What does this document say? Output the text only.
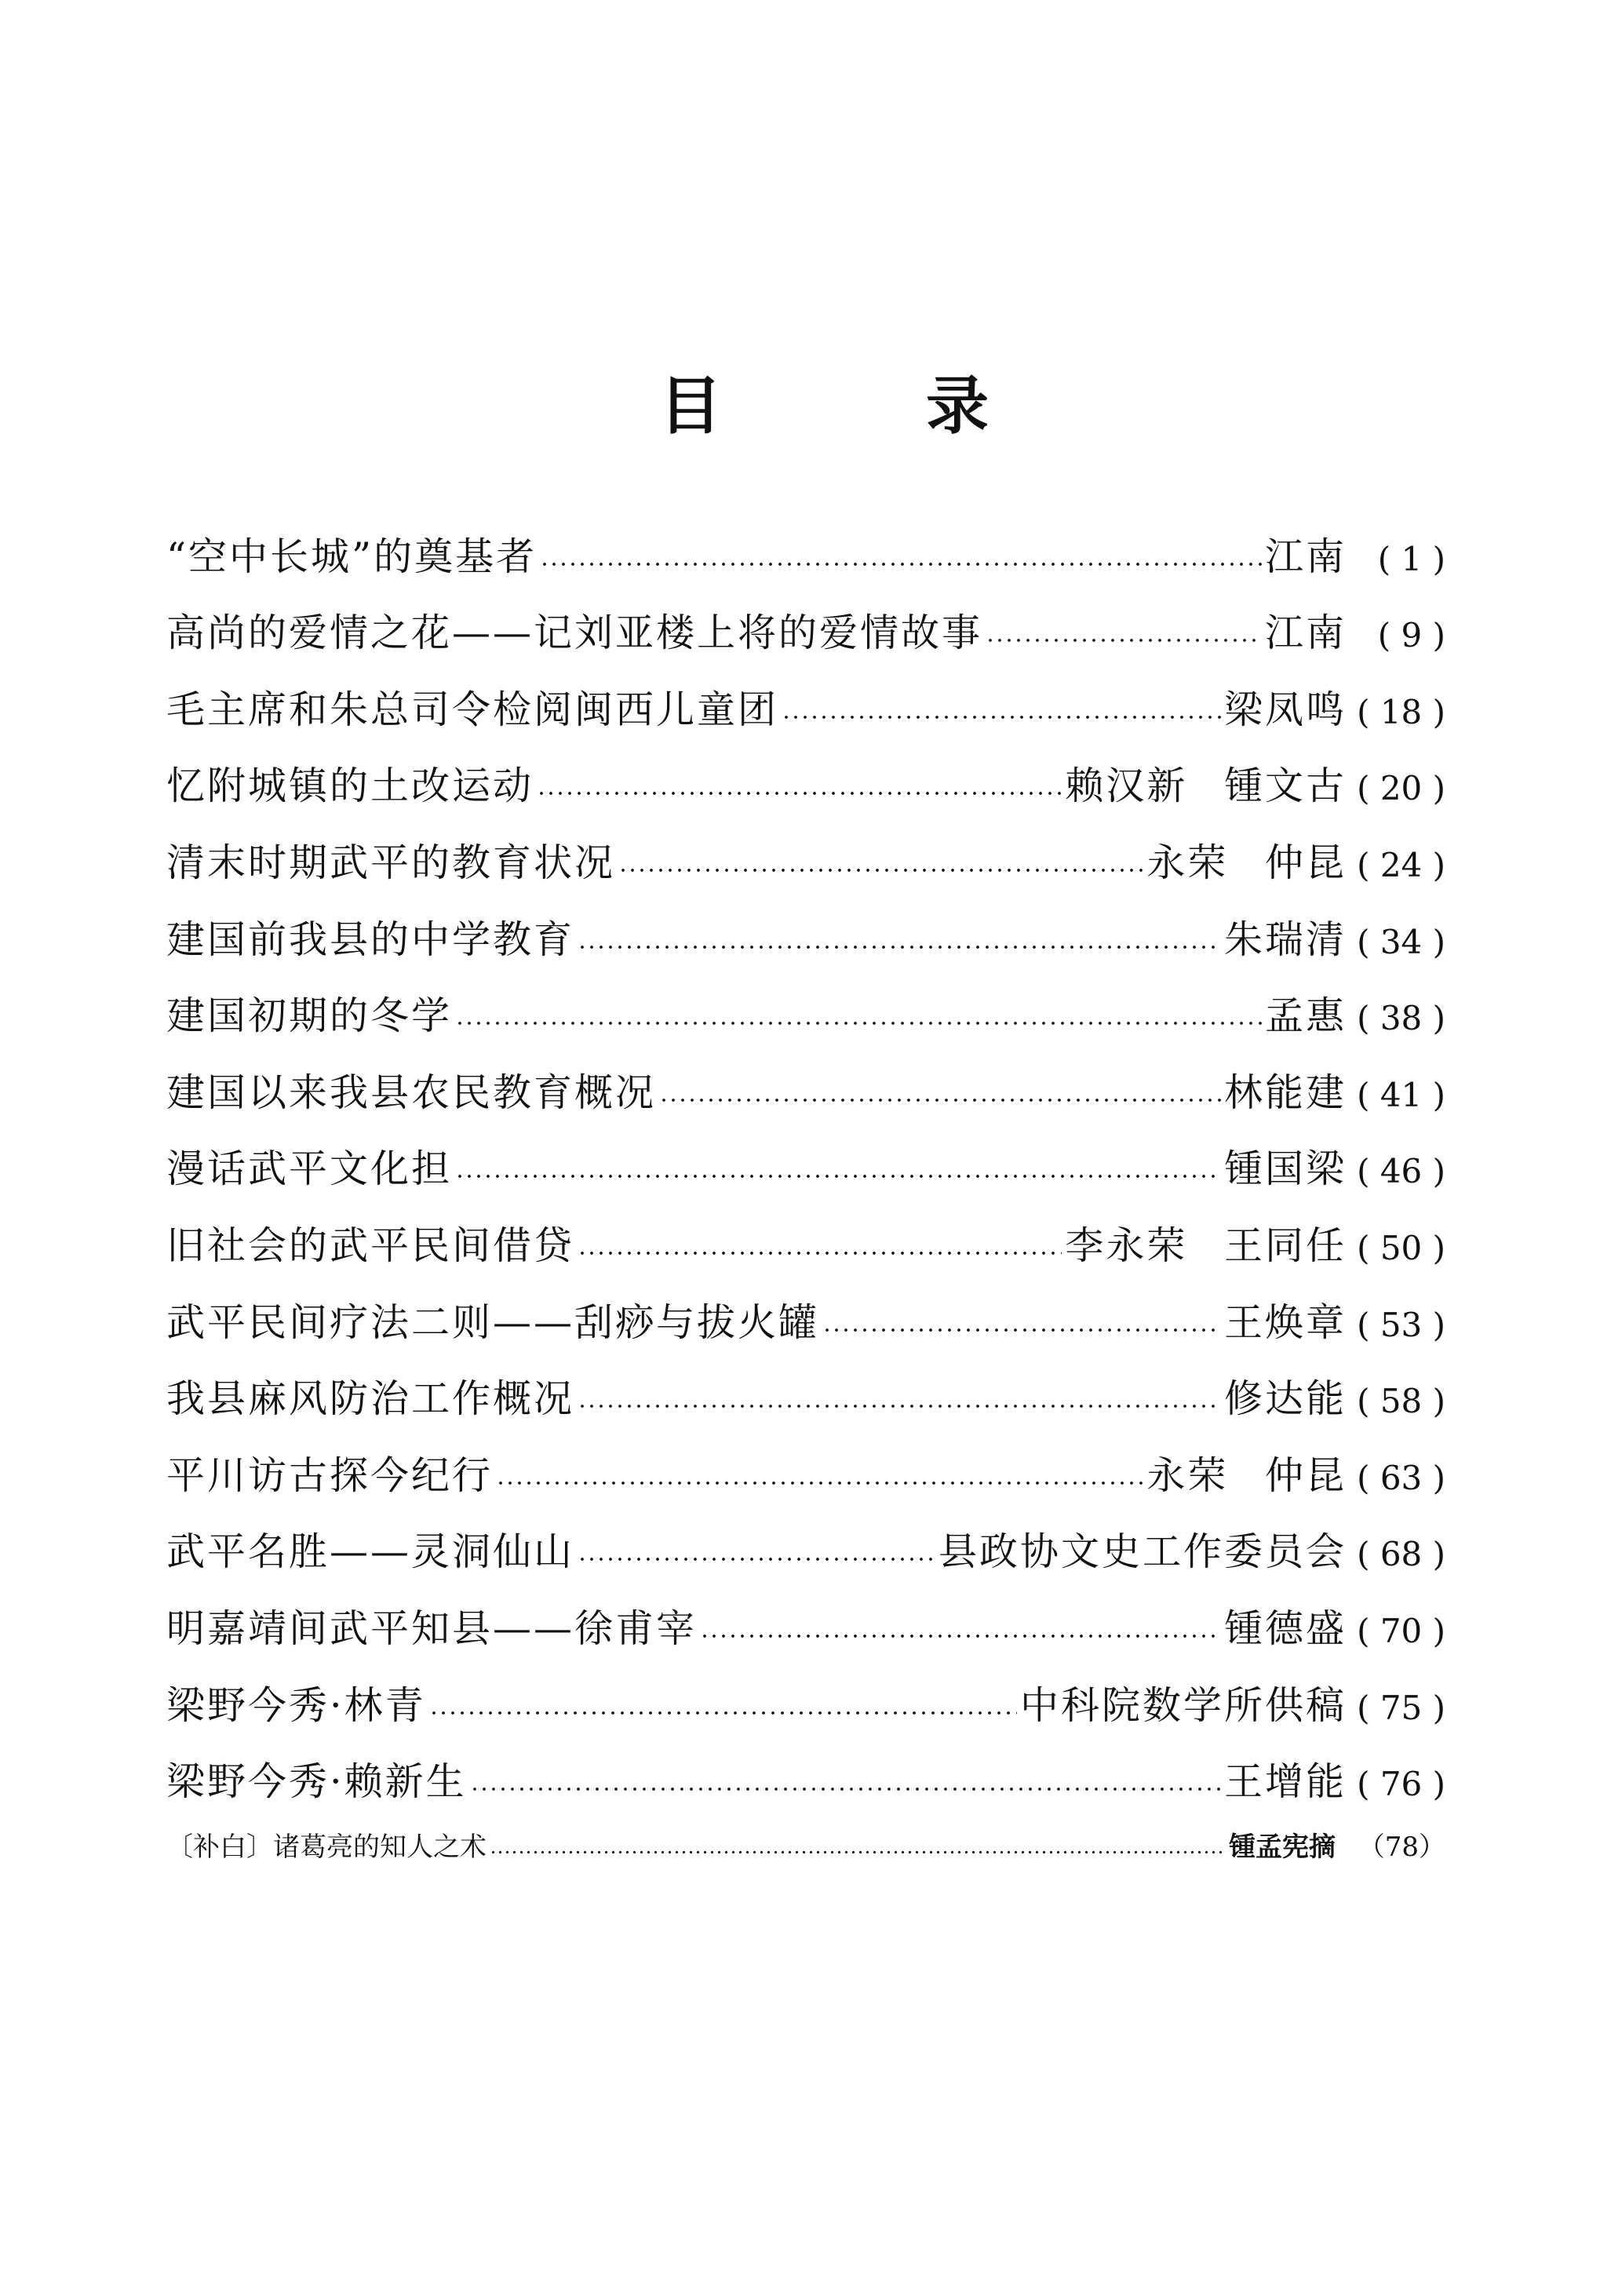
目	录
“空中长城”的奠基者	江南 ( 1 )
高尚的爱情之花——记刘亚楼上将的爱情故事	江南 ( 9 )
毛主席和朱总司令检阅闽西儿童团	梁凤鸣 ( 18 )
忆附城镇的土改运动	赖汉新 锺文古 ( 20 )
清末时期武平的教育状况	永荣 仲昆 ( 24 )
建国前我县的中学教育	朱瑞清 ( 34 )
建国初期的冬学	孟惠 ( 38 )
建国以来我县农民教育概况	林能建 ( 41 )
漫话武平文化担	锺国梁 ( 46 )
旧社会的武平民间借贷	李永荣 王同任 ( 50 )
武平民间疗法二则——刮痧与拔火罐	王焕章 ( 53 )
我县麻风防治工作概况	修达能 ( 58 )
平川访古探今纪行	永荣 仲昆 ( 63 )
武平名胜——灵洞仙山	县政协文史工作委员会 ( 68 )
明嘉靖间武平知县——徐甫宰	锺德盛 ( 70 )
梁野今秀·林青	中科院数学所供稿 ( 75 )
梁野今秀·赖新生	王增能 ( 76 )
〔补白〕诸葛亮的知人之术	锺孟宪摘 （78）
